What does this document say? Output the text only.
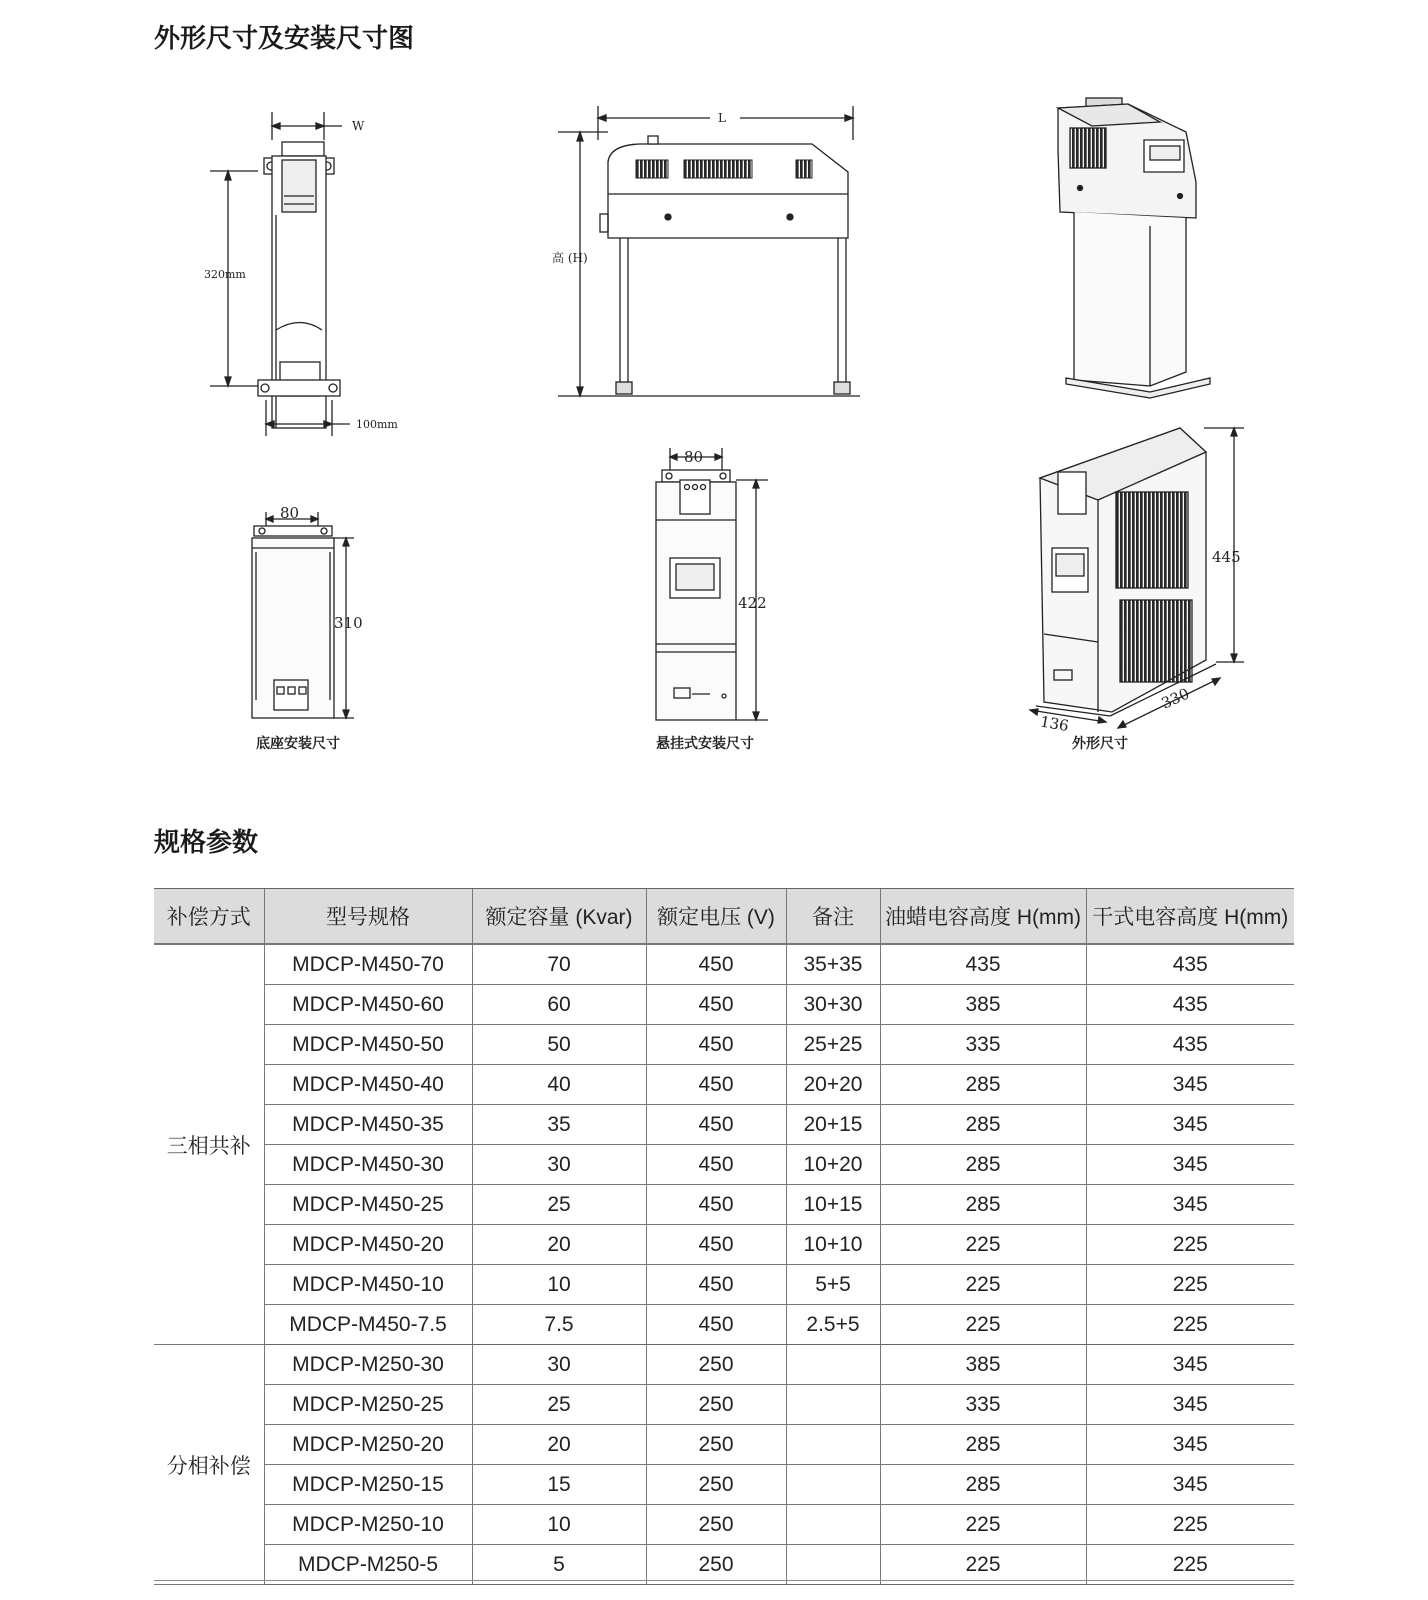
外形尺寸及安装尺寸图
W
320mm
100mm
L
高 (H)
80
310
底座安装尺寸
80
422
悬挂式安装尺寸
445
330
136
外形尺寸
规格参数
补偿方式	型号规格	额定容量 (Kvar)	额定电压 (V)	备注	油蜡电容高度 H(mm)	干式电容高度 H(mm)
三相共补	MDCP-M450-70	70	450	35+35	435	435
	MDCP-M450-60	60	450	30+30	385	435
	MDCP-M450-50	50	450	25+25	335	435
	MDCP-M450-40	40	450	20+20	285	345
	MDCP-M450-35	35	450	20+15	285	345
	MDCP-M450-30	30	450	10+20	285	345
	MDCP-M450-25	25	450	10+15	285	345
	MDCP-M450-20	20	450	10+10	225	225
	MDCP-M450-10	10	450	5+5	225	225
	MDCP-M450-7.5	7.5	450	2.5+5	225	225
分相补偿	MDCP-M250-30	30	250		385	345
	MDCP-M250-25	25	250		335	345
	MDCP-M250-20	20	250		285	345
	MDCP-M250-15	15	250		285	345
	MDCP-M250-10	10	250		225	225
	MDCP-M250-5	5	250		225	225
